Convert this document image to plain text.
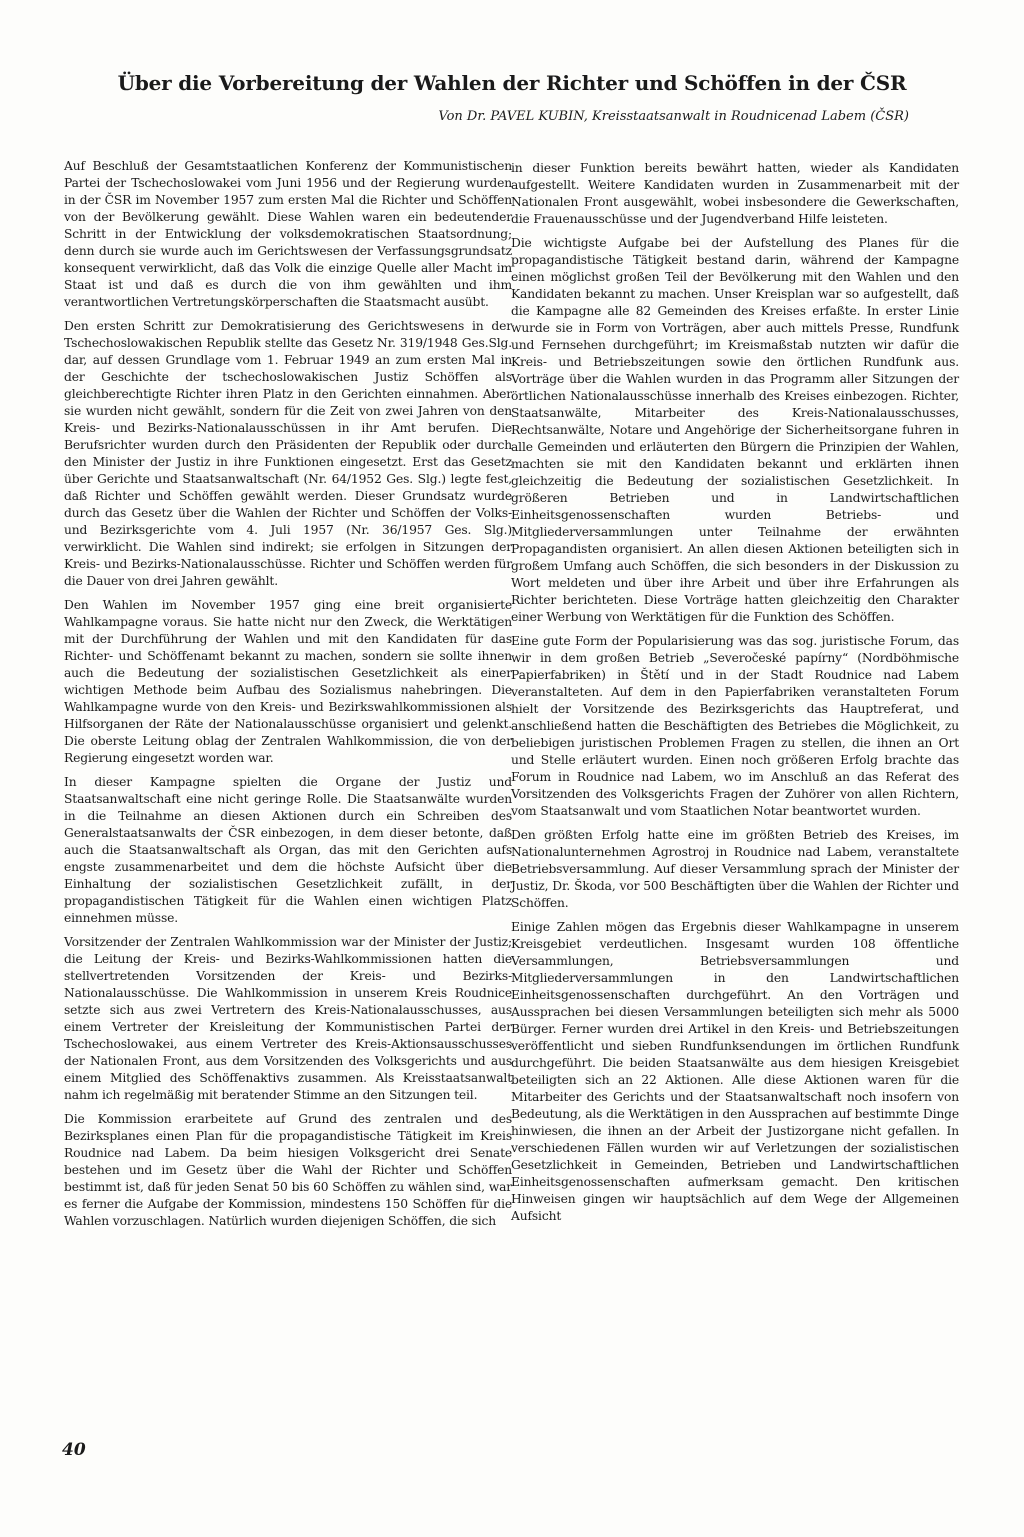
Über die Vorbereitung der Wahlen der Richter und Schöffen in der ČSR
Von Dr. PAVEL KUBIN, Kreisstaatsanwalt in Roudnicenad Labem (ČSR)

Auf Beschluß der Gesamtstaatlichen Konferenz der Kommunistischen Partei der Tschechoslowakei vom Juni 1956 und der Regierung wurden in der ČSR im November 1957 zum ersten Mal die Richter und Schöffen von der Bevölkerung gewählt. Diese Wahlen waren ein bedeutender Schritt in der Entwicklung der volksdemokratischen Staatsordnung; denn durch sie wurde auch im Gerichtswesen der Verfassungsgrundsatz konsequent verwirklicht, daß das Volk die einzige Quelle aller Macht im Staat ist und daß es durch die von ihm gewählten und ihm verantwortlichen Vertretungskörperschaften die Staatsmacht ausübt.

Den ersten Schritt zur Demokratisierung des Gerichtswesens in der Tschechoslowakischen Republik stellte das Gesetz Nr. 319/1948 Ges.Slg. dar, auf dessen Grundlage vom 1. Februar 1949 an zum ersten Mal in der Geschichte der tschechoslowakischen Justiz Schöffen als gleichberechtigte Richter ihren Platz in den Gerichten einnahmen. Aber sie wurden nicht gewählt, sondern für die Zeit von zwei Jahren von den Kreis- und Bezirks-Nationalausschüssen in ihr Amt berufen. Die Berufsrichter wurden durch den Präsidenten der Republik oder durch den Minister der Justiz in ihre Funktionen eingesetzt. Erst das Gesetz über Gerichte und Staatsanwaltschaft (Nr. 64/1952 Ges. Slg.) legte fest, daß Richter und Schöffen gewählt werden. Dieser Grundsatz wurde durch das Gesetz über die Wahlen der Richter und Schöffen der Volks- und Bezirksgerichte vom 4. Juli 1957 (Nr. 36/1957 Ges. Slg.) verwirklicht. Die Wahlen sind indirekt; sie erfolgen in Sitzungen der Kreis- und Bezirks-Nationalausschüsse. Richter und Schöffen werden für die Dauer von drei Jahren gewählt.

Den Wahlen im November 1957 ging eine breit organisierte Wahlkampagne voraus. Sie hatte nicht nur den Zweck, die Werktätigen mit der Durchführung der Wahlen und mit den Kandidaten für das Richter- und Schöffenamt bekannt zu machen, sondern sie sollte ihnen auch die Bedeutung der sozialistischen Gesetzlichkeit als einer wichtigen Methode beim Aufbau des Sozialismus nahebringen. Die Wahlkampagne wurde von den Kreis- und Bezirkswahlkommissionen als Hilfsorganen der Räte der Nationalausschüsse organisiert und gelenkt. Die oberste Leitung oblag der Zentralen Wahlkommission, die von der Regierung eingesetzt worden war.

In dieser Kampagne spielten die Organe der Justiz und Staatsanwaltschaft eine nicht geringe Rolle. Die Staatsanwälte wurden in die Teilnahme an diesen Aktionen durch ein Schreiben des Generalstaatsanwalts der ČSR einbezogen, in dem dieser betonte, daß auch die Staatsanwaltschaft als Organ, das mit den Gerichten aufs engste zusammenarbeitet und dem die höchste Aufsicht über die Einhaltung der sozialistischen Gesetzlichkeit zufällt, in der propagandistischen Tätigkeit für die Wahlen einen wichtigen Platz einnehmen müsse.

Vorsitzender der Zentralen Wahlkommission war der Minister der Justiz; die Leitung der Kreis- und Bezirks-Wahlkommissionen hatten die stellvertretenden Vorsitzenden der Kreis- und Bezirks-Nationalausschüsse. Die Wahlkommission in unserem Kreis Roudnice setzte sich aus zwei Vertretern des Kreis-Nationalausschusses, aus einem Vertreter der Kreisleitung der Kommunistischen Partei der Tschechoslowakei, aus einem Vertreter des Kreis-Aktionsausschusses der Nationalen Front, aus dem Vorsitzenden des Volksgerichts und aus einem Mitglied des Schöffenaktivs zusammen. Als Kreisstaatsanwalt nahm ich regelmäßig mit beratender Stimme an den Sitzungen teil.

Die Kommission erarbeitete auf Grund des zentralen und des Bezirksplanes einen Plan für die propagandistische Tätigkeit im Kreis Roudnice nad Labem. Da beim hiesigen Volksgericht drei Senate bestehen und im Gesetz über die Wahl der Richter und Schöffen bestimmt ist, daß für jeden Senat 50 bis 60 Schöffen zu wählen sind, war es ferner die Aufgabe der Kommission, mindestens 150 Schöffen für die Wahlen vorzuschlagen. Natürlich wurden diejenigen Schöffen, die sich

in dieser Funktion bereits bewährt hatten, wieder als Kandidaten aufgestellt. Weitere Kandidaten wurden in Zusammenarbeit mit der Nationalen Front ausgewählt, wobei insbesondere die Gewerkschaften, die Frauenausschüsse und der Jugendverband Hilfe leisteten.

Die wichtigste Aufgabe bei der Aufstellung des Planes für die propagandistische Tätigkeit bestand darin, während der Kampagne einen möglichst großen Teil der Bevölkerung mit den Wahlen und den Kandidaten bekannt zu machen. Unser Kreisplan war so aufgestellt, daß die Kampagne alle 82 Gemeinden des Kreises erfaßte. In erster Linie wurde sie in Form von Vorträgen, aber auch mittels Presse, Rundfunk und Fernsehen durchgeführt; im Kreismaßstab nutzten wir dafür die Kreis- und Betriebszeitungen sowie den örtlichen Rundfunk aus. Vorträge über die Wahlen wurden in das Programm aller Sitzungen der örtlichen Nationalausschüsse innerhalb des Kreises einbezogen. Richter, Staatsanwälte, Mitarbeiter des Kreis-Nationalausschusses, Rechtsanwälte, Notare und Angehörige der Sicherheitsorgane fuhren in alle Gemeinden und erläuterten den Bürgern die Prinzipien der Wahlen, machten sie mit den Kandidaten bekannt und erklärten ihnen gleichzeitig die Bedeutung der sozialistischen Gesetzlichkeit. In größeren Betrieben und in Landwirtschaftlichen Einheitsgenossenschaften wurden Betriebs- und Mitgliederversammlungen unter Teilnahme der erwähnten Propagandisten organisiert. An allen diesen Aktionen beteiligten sich in großem Umfang auch Schöffen, die sich besonders in der Diskussion zu Wort meldeten und über ihre Arbeit und über ihre Erfahrungen als Richter berichteten. Diese Vorträge hatten gleichzeitig den Charakter einer Werbung von Werktätigen für die Funktion des Schöffen.

Eine gute Form der Popularisierung was das sog. juristische Forum, das wir in dem großen Betrieb „Severočeské papírny“ (Nordböhmische Papierfabriken) in Štětí und in der Stadt Roudnice nad Labem veranstalteten. Auf dem in den Papierfabriken veranstalteten Forum hielt der Vorsitzende des Bezirksgerichts das Hauptreferat, und anschließend hatten die Beschäftigten des Betriebes die Möglichkeit, zu beliebigen juristischen Problemen Fragen zu stellen, die ihnen an Ort und Stelle erläutert wurden. Einen noch größeren Erfolg brachte das Forum in Roudnice nad Labem, wo im Anschluß an das Referat des Vorsitzenden des Volksgerichts Fragen der Zuhörer von allen Richtern, vom Staatsanwalt und vom Staatlichen Notar beantwortet wurden.

Den größten Erfolg hatte eine im größten Betrieb des Kreises, im Nationalunternehmen Agrostroj in Roudnice nad Labem, veranstaltete Betriebsversammlung. Auf dieser Versammlung sprach der Minister der Justiz, Dr. Škoda, vor 500 Beschäftigten über die Wahlen der Richter und Schöffen.

Einige Zahlen mögen das Ergebnis dieser Wahlkampagne in unserem Kreisgebiet verdeutlichen. Insgesamt wurden 108 öffentliche Versammlungen, Betriebsversammlungen und Mitgliederversammlungen in den Landwirtschaftlichen Einheitsgenossenschaften durchgeführt. An den Vorträgen und Aussprachen bei diesen Versammlungen beteiligten sich mehr als 5000 Bürger. Ferner wurden drei Artikel in den Kreis- und Betriebszeitungen veröffentlicht und sieben Rundfunksendungen im örtlichen Rundfunk durchgeführt. Die beiden Staatsanwälte aus dem hiesigen Kreisgebiet beteiligten sich an 22 Aktionen. Alle diese Aktionen waren für die Mitarbeiter des Gerichts und der Staatsanwaltschaft noch insofern von Bedeutung, als die Werktätigen in den Aussprachen auf bestimmte Dinge hinwiesen, die ihnen an der Arbeit der Justizorgane nicht gefallen. In verschiedenen Fällen wurden wir auf Verletzungen der sozialistischen Gesetzlichkeit in Gemeinden, Betrieben und Landwirtschaftlichen Einheitsgenossenschaften aufmerksam gemacht. Den kritischen Hinweisen gingen wir hauptsächlich auf dem Wege der Allgemeinen Aufsicht

40
